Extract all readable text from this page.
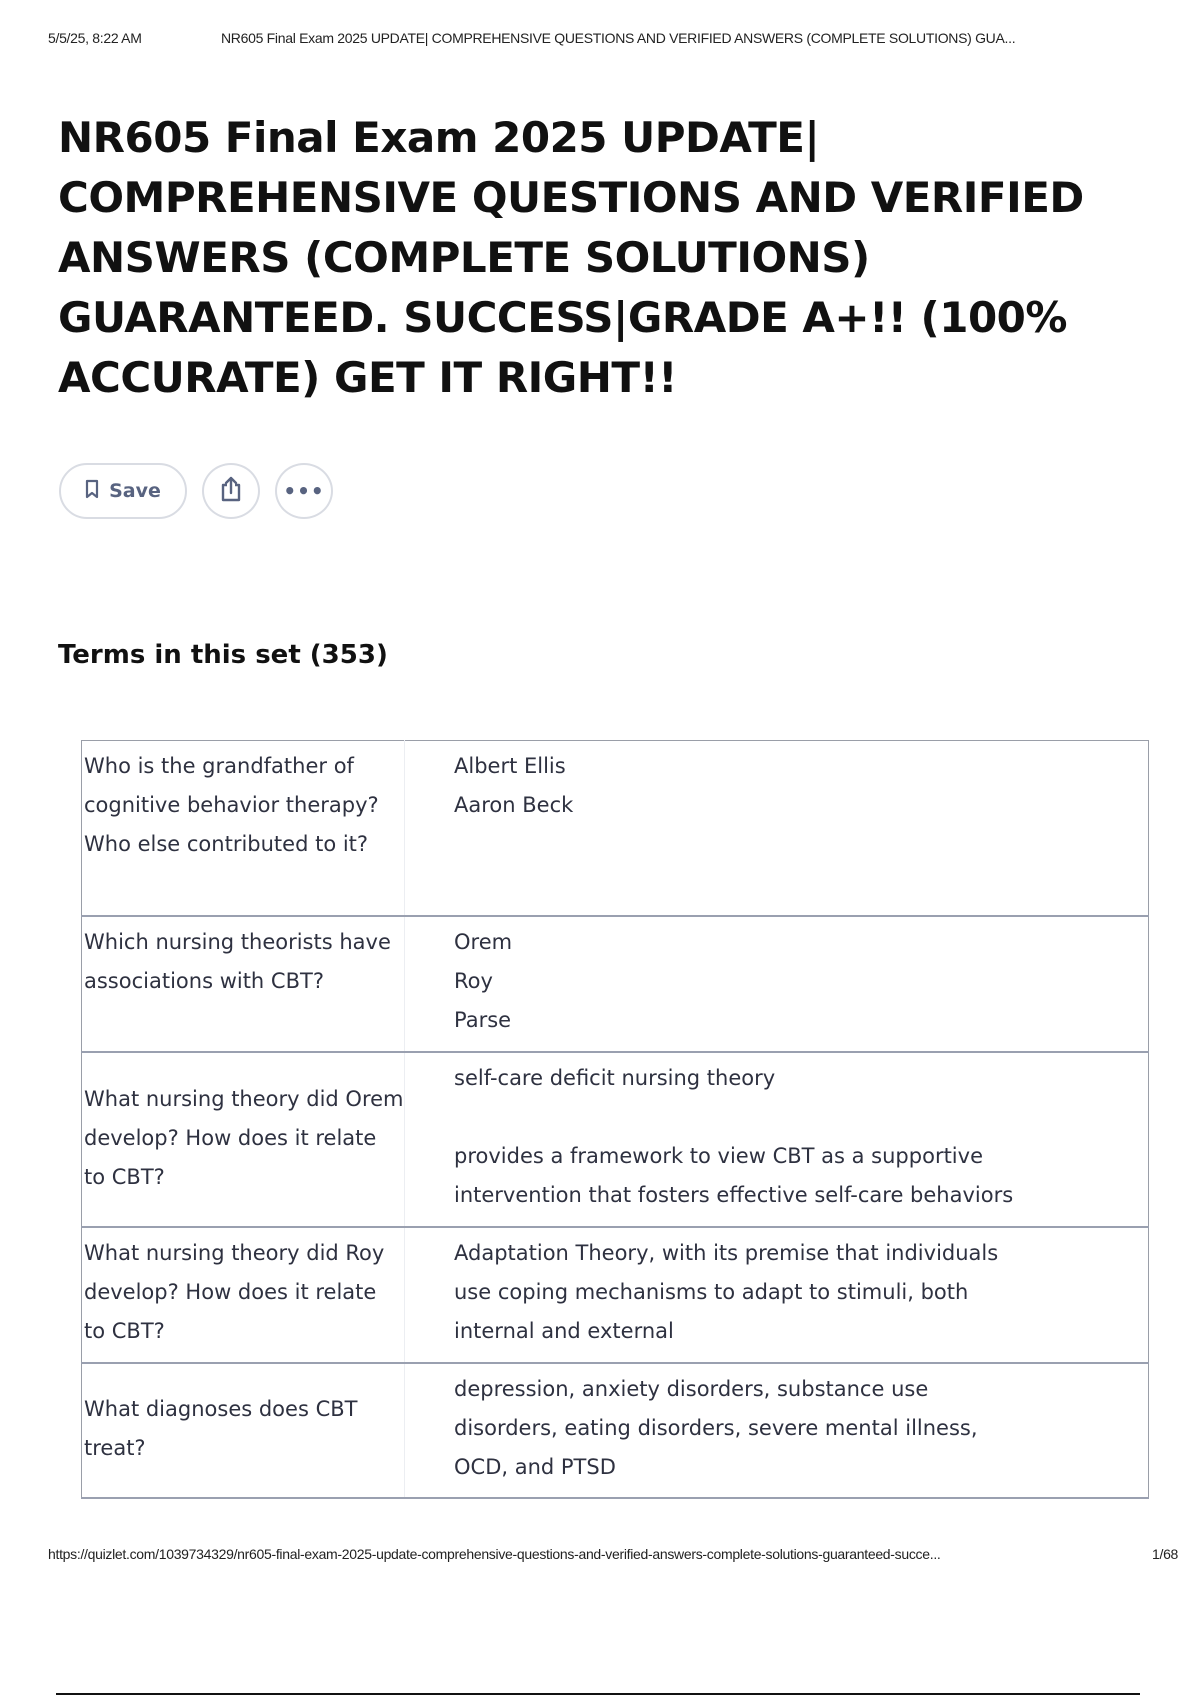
5/5/25, 8:22 AM	NR605 Final Exam 2025 UPDATE| COMPREHENSIVE QUESTIONS AND VERIFIED ANSWERS (COMPLETE SOLUTIONS) GUA...
NR605 Final Exam 2025 UPDATE| COMPREHENSIVE QUESTIONS AND VERIFIED ANSWERS (COMPLETE SOLUTIONS) GUARANTEED. SUCCESS|GRADE A+!! (100% ACCURATE) GET IT RIGHT!!
Save	•••
Terms in this set (353)
Who is the grandfather of cognitive behavior therapy? Who else contributed to it?	Albert Ellis
Aaron Beck

Which nursing theorists have associations with CBT?	Orem
Roy
Parse

What nursing theory did Orem develop? How does it relate to CBT?	self-care deficit nursing theory
provides a framework to view CBT as a supportive intervention that fosters effective self-care behaviors

What nursing theory did Roy develop? How does it relate to CBT?	Adaptation Theory, with its premise that individuals use coping mechanisms to adapt to stimuli, both internal and external

What diagnoses does CBT treat?	depression, anxiety disorders, substance use disorders, eating disorders, severe mental illness, OCD, and PTSD
https://quizlet.com/1039734329/nr605-final-exam-2025-update-comprehensive-questions-and-verified-answers-complete-solutions-guaranteed-succe...	1/68
